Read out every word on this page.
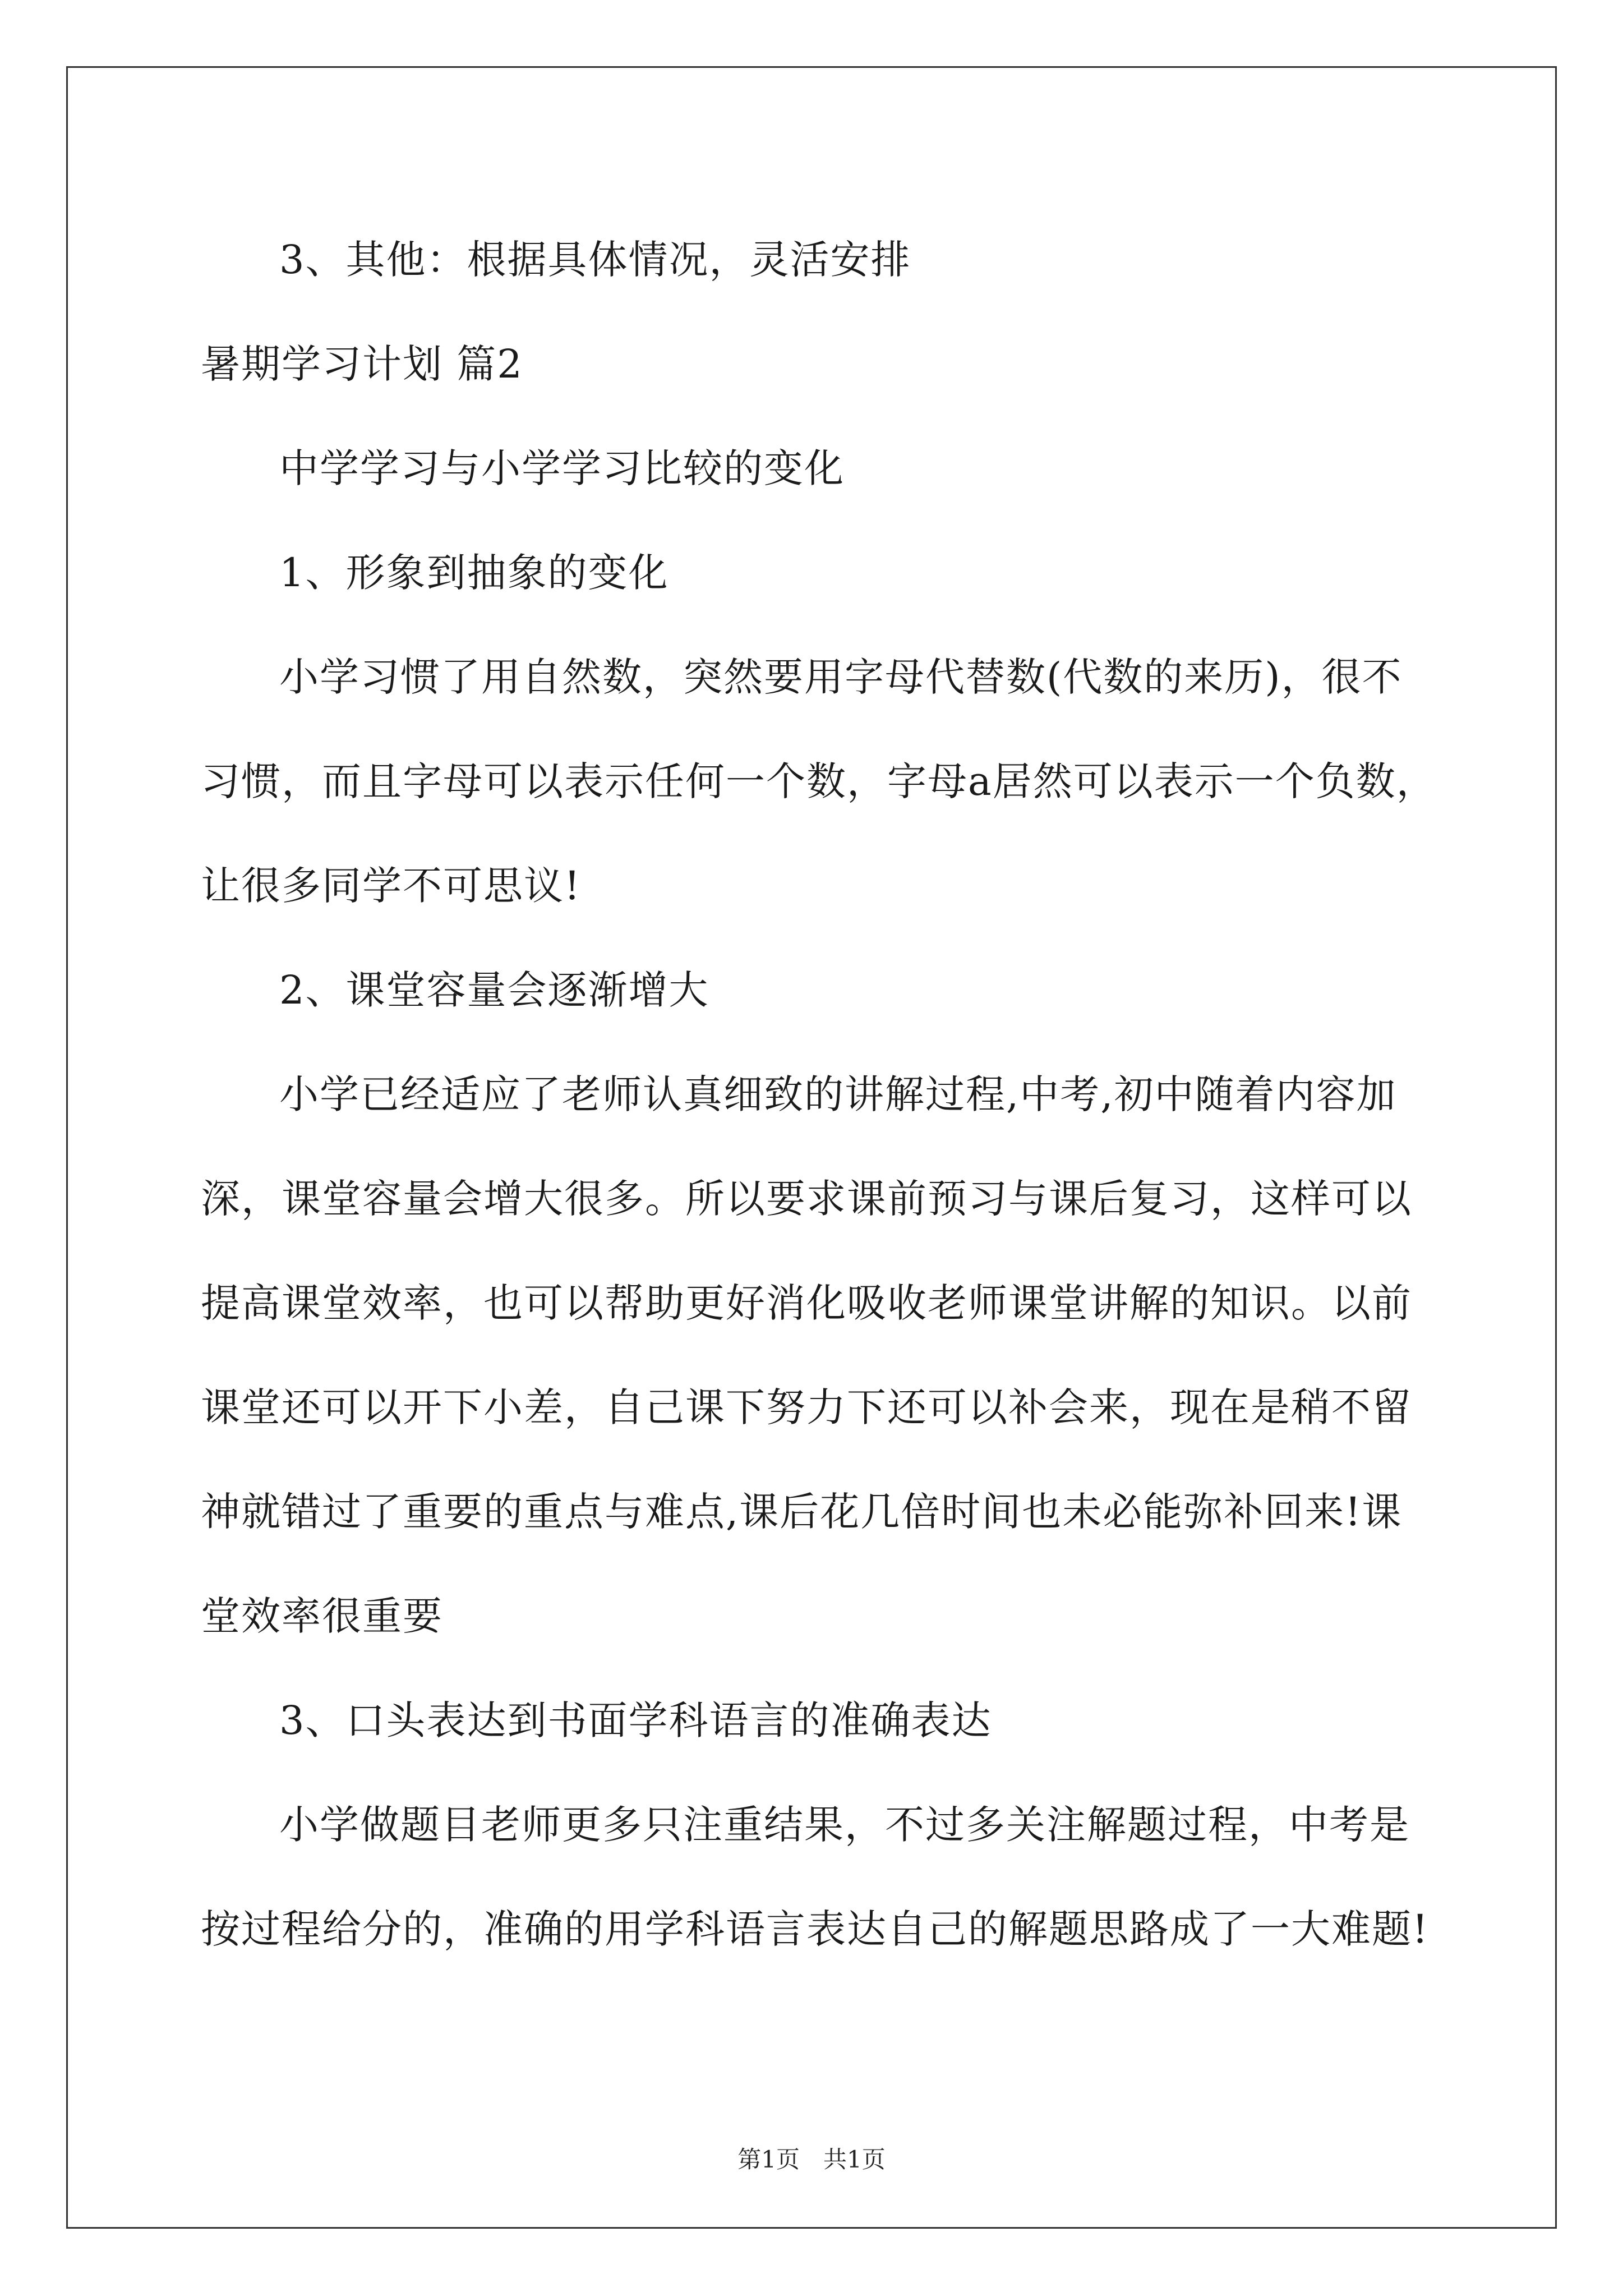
3、其他：根据具体情况，灵活安排

暑期学习计划 篇2

中学学习与小学学习比较的变化

1、形象到抽象的变化

小学习惯了用自然数，突然要用字母代替数(代数的来历)，很不

习惯，而且字母可以表示任何一个数，字母a居然可以表示一个负数，

让很多同学不可思议!

2、课堂容量会逐渐增大

小学已经适应了老师认真细致的讲解过程,中考,初中随着内容加

深，课堂容量会增大很多。所以要求课前预习与课后复习，这样可以

提高课堂效率，也可以帮助更好消化吸收老师课堂讲解的知识。以前

课堂还可以开下小差，自己课下努力下还可以补会来，现在是稍不留

神就错过了重要的重点与难点,课后花几倍时间也未必能弥补回来!课

堂效率很重要

3、口头表达到书面学科语言的准确表达

小学做题目老师更多只注重结果，不过多关注解题过程，中考是

按过程给分的，准确的用学科语言表达自己的解题思路成了一大难题!

第1页　共1页
